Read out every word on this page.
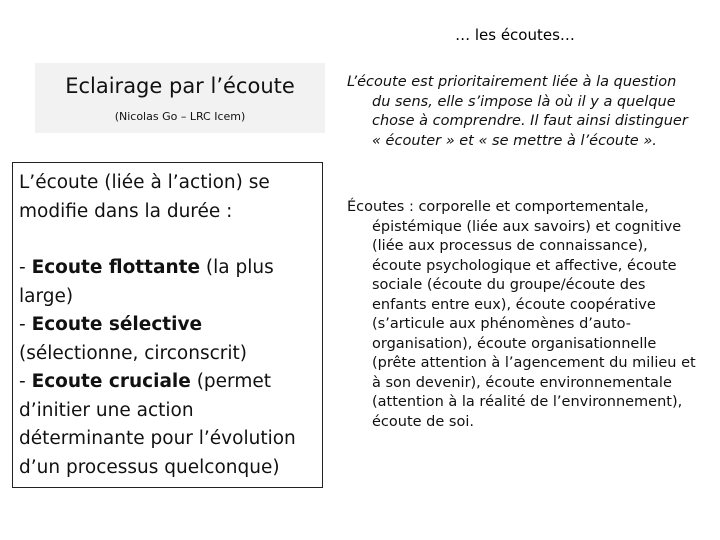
… les écoutes…
Eclairage par l’écoute
(Nicolas Go – LRC Icem)

L’écoute (liée à l’action) se modifie dans la durée :

- Ecoute flottante (la plus large)

- Ecoute sélective (sélectionne, circonscrit)

- Ecoute cruciale (permet d’initier une action déterminante pour l’évolution d’un processus quelconque)

L’écoute est prioritairement liée à la question du sens, elle s’impose là où il y a quelque chose à comprendre. Il faut ainsi distinguer « écouter » et « se mettre à l’écoute ».

Écoutes : corporelle et comportementale, épistémique (liée aux savoirs) et cognitive (liée aux processus de connaissance), écoute psychologique et affective, écoute sociale (écoute du groupe/écoute des enfants entre eux), écoute coopérative (s’articule aux phénomènes d’auto-organisation), écoute organisationnelle (prête attention à l’agencement du milieu et à son devenir), écoute environnementale (attention à la réalité de l’environnement), écoute de soi.
